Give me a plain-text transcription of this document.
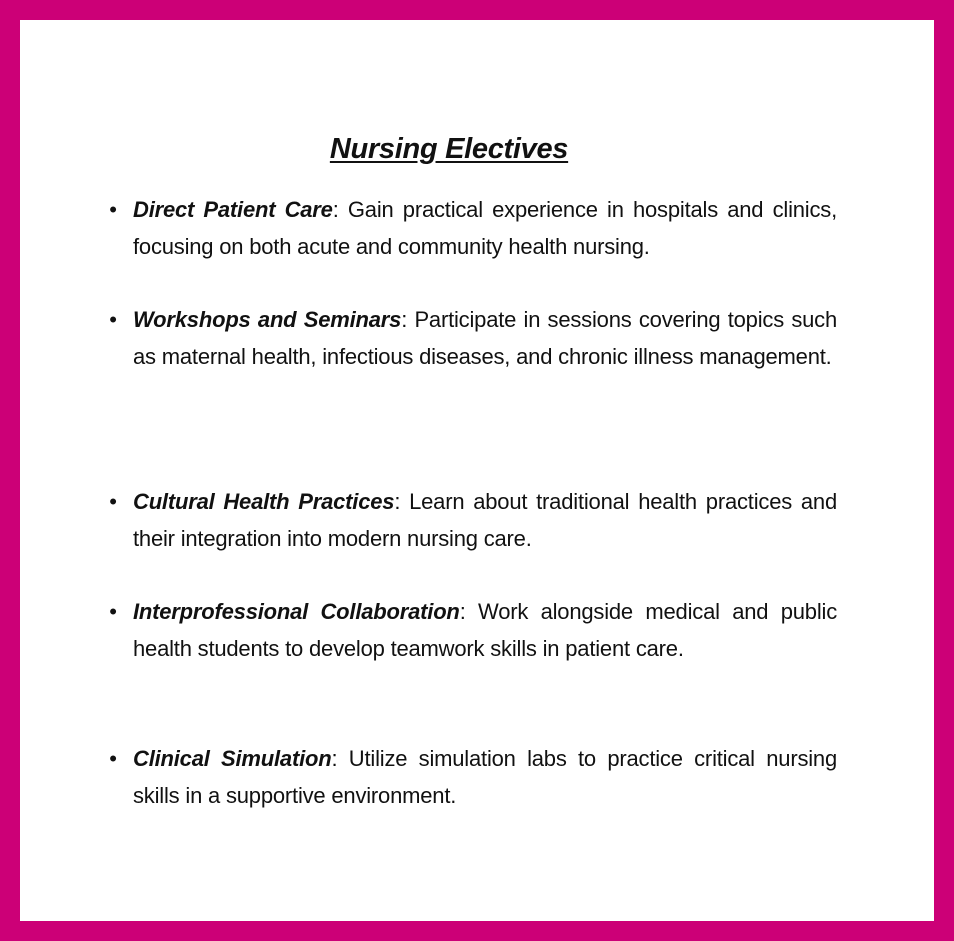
Nursing Electives
• Direct Patient Care: Gain practical experience in hospitals and clinics, focusing on both acute and community health nursing.
• Workshops and Seminars: Participate in sessions covering topics such as maternal health, infectious diseases, and chronic illness management.
• Cultural Health Practices: Learn about traditional health practices and their integration into modern nursing care.
• Interprofessional Collaboration: Work alongside medical and public health students to develop teamwork skills in patient care.
• Clinical Simulation: Utilize simulation labs to practice critical nursing skills in a supportive environment.
